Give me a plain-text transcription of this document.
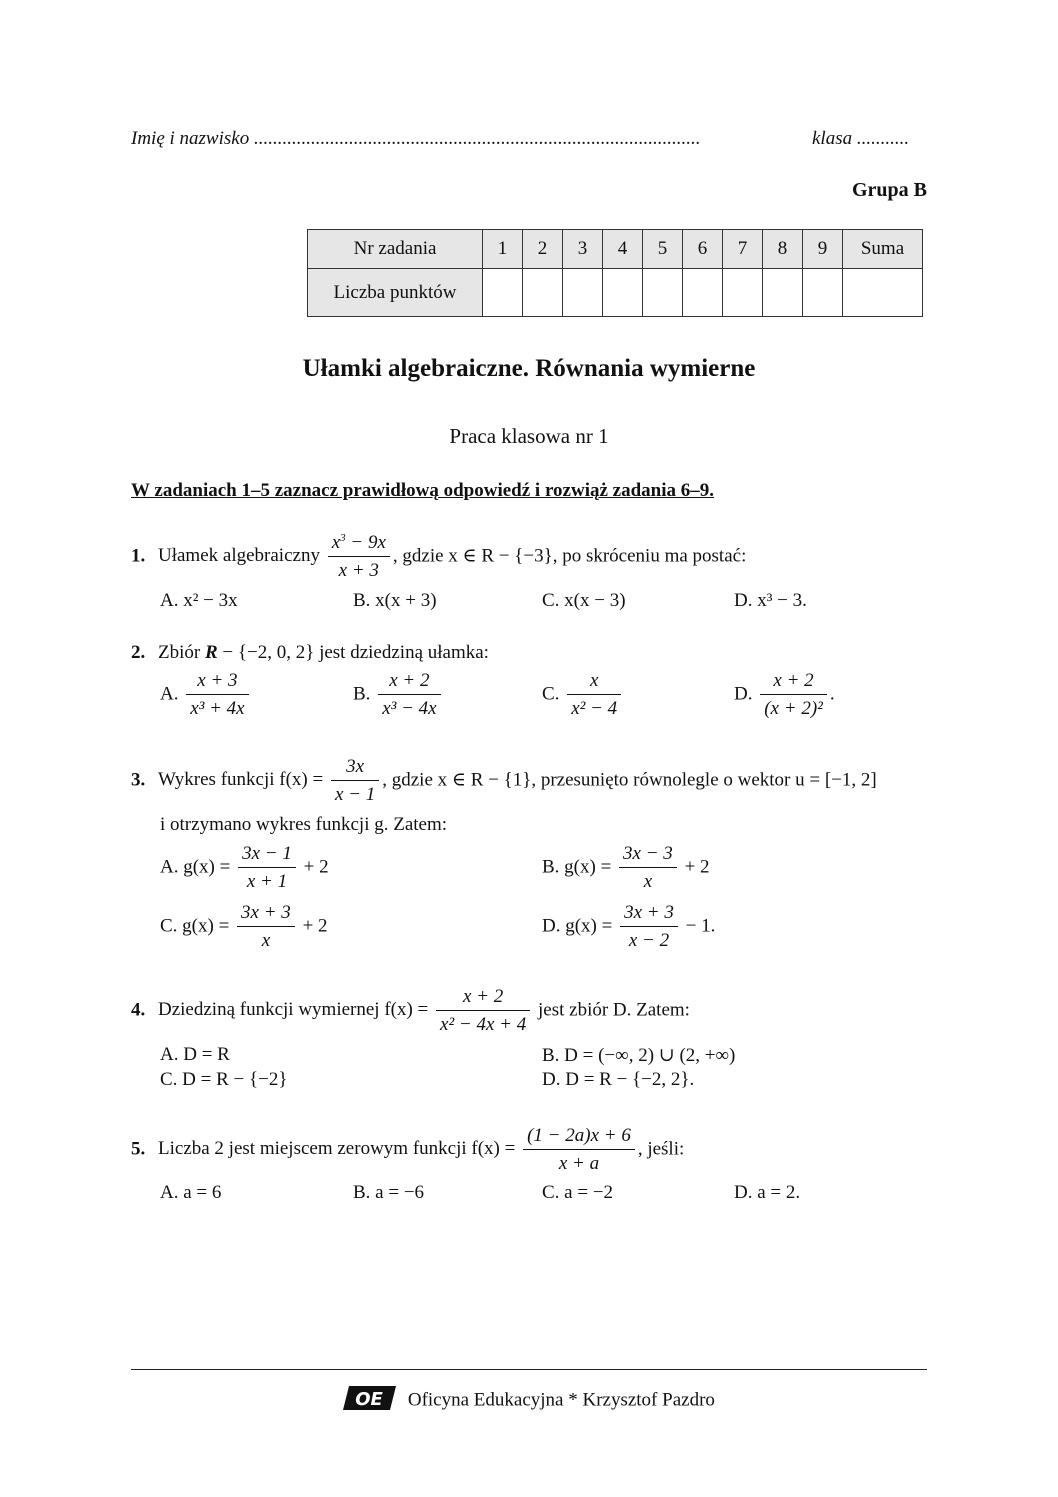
Imię i nazwisko ..............................................................................................	klasa ...........
Grupa B
Nr zadania	1	2	3	4	5	6	7	8	9	Suma
Liczba punktów										
Ułamki algebraiczne. Równania wymierne
Praca klasowa nr 1
W zadaniach 1–5 zaznacz prawidłową odpowiedź i rozwiąż zadania 6–9.
1. Ułamek algebraiczny $\frac{x^3 - 9x}{x + 3}$ , gdzie x ∈ R − {−3}, po skróceniu ma postać:
A. x² − 3x	B. x(x + 3)	C. x(x − 3)	D. x³ − 3.
2. Zbiór R − {−2, 0, 2} jest dziedziną ułamka:
A. $\frac{x + 3}{\text{x³ + 4x}}$	B. $\frac{x + 2}{\text{x³ − 4x}}$	C. $\frac{x}{\text{x² − 4}}$	D. $\frac{x + 2}{\text{(x + 2)²}}$ .
3. Wykres funkcji $f(x) = \frac{3x}{x - 1}$ , gdzie x ∈ R − {1}, przesunięto równolegle o wektor u = [−1, 2]
i otrzymano wykres funkcji g. Zatem:
A. $g(x) = \frac{3x - 1}{x + 1} + 2$	B. $g(x) = \frac{3x - 3}{x} + 2$
C. $g(x) = \frac{3x + 3}{x} + 2$	D. $g(x) = \frac{3x + 3}{x - 2} - 1$.
4. Dziedziną funkcji wymiernej $f(x) = \frac{x + 2}{\text{x² − 4x + 4}}$ jest zbiór D. Zatem:
A. D = R	B. D = (−∞, 2) ∪ (2, +∞)
C. D = R − {−2}	D. D = R − {−2, 2}.
5. Liczba 2 jest miejscem zerowym funkcji $f(x) = \frac{(1 - 2a)x + 6}{x + a}$ , jeśli:
A. a = 6	B. a = −6	C. a = −2	D. a = 2.
OE Oficyna Edukacyjna * Krzysztof Pazdro
